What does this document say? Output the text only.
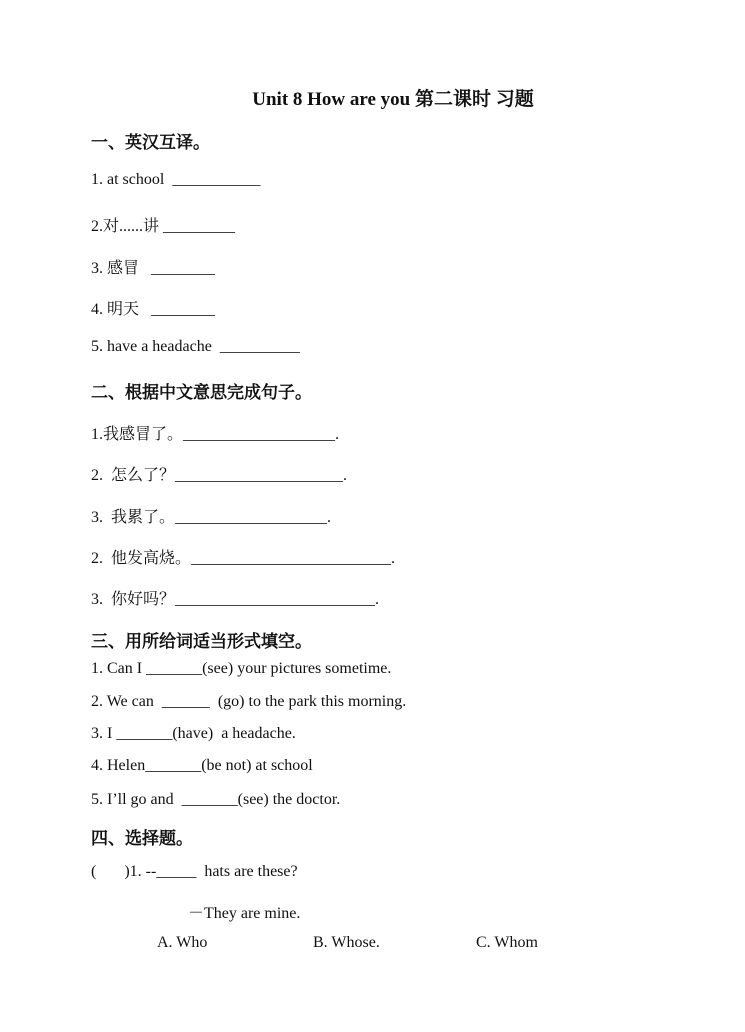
Unit 8 How are you 第二课时 习题
一、英汉互译。
1. at school  ___________
2.对......讲 _________
3. 感冒   ________
4. 明天   ________
5. have a headache  __________
二、根据中文意思完成句子。
1.我感冒了。___________________.
2.  怎么了？_____________________.
3.  我累了。___________________.
2.  他发高烧。_________________________.
3.  你好吗？_________________________.
三、用所给词适当形式填空。
1. Can I _______(see) your pictures sometime.
2. We can  ______  (go) to the park this morning.
3. I _______(have)  a headache.
4. Helen_______(be not) at school
5. I’ll go and  _______(see) the doctor.
四、选择题。
(       )1. --_____  hats are these?
－They are mine.
A. Who	B. Whose.	C. Whom
